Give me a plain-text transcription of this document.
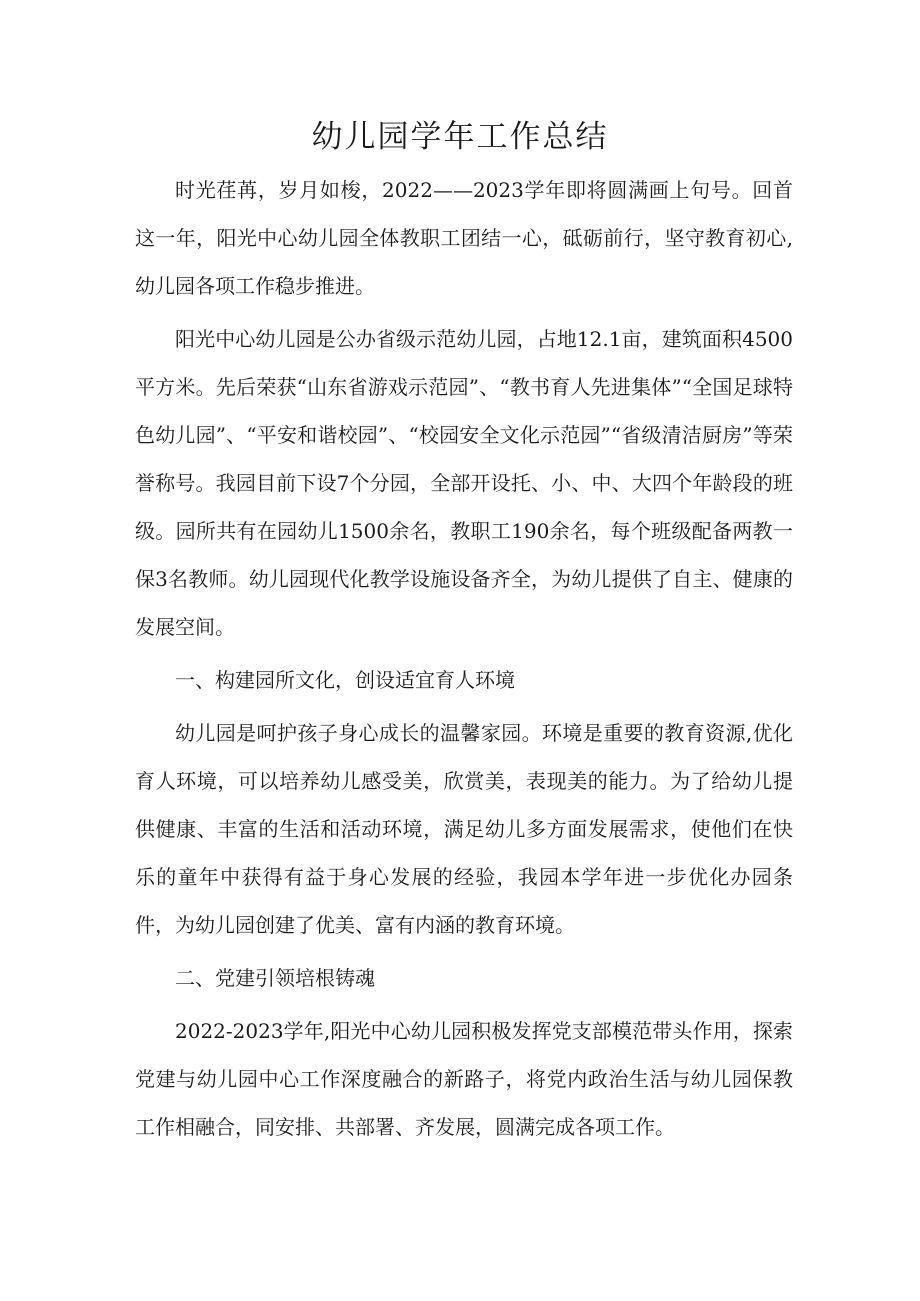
幼儿园学年工作总结

时光荏苒，岁月如梭，2022——2023学年即将圆满画上句号。回首这一年，阳光中心幼儿园全体教职工团结一心，砥砺前行，坚守教育初心,幼儿园各项工作稳步推进。

阳光中心幼儿园是公办省级示范幼儿园，占地12.1亩，建筑面积4500平方米。先后荣获“山东省游戏示范园”、“教书育人先进集体”“全国足球特色幼儿园”、“平安和谐校园”、“校园安全文化示范园”“省级清洁厨房”等荣誉称号。我园目前下设7个分园，全部开设托、小、中、大四个年龄段的班级。园所共有在园幼儿1500余名，教职工190余名，每个班级配备两教一保3名教师。幼儿园现代化教学设施设备齐全，为幼儿提供了自主、健康的发展空间。

一、构建园所文化，创设适宜育人环境

幼儿园是呵护孩子身心成长的温馨家园。环境是重要的教育资源,优化育人环境，可以培养幼儿感受美，欣赏美，表现美的能力。为了给幼儿提供健康、丰富的生活和活动环境，满足幼儿多方面发展需求，使他们在快乐的童年中获得有益于身心发展的经验，我园本学年进一步优化办园条件，为幼儿园创建了优美、富有内涵的教育环境。

二、党建引领培根铸魂

2022-2023学年,阳光中心幼儿园积极发挥党支部模范带头作用，探索党建与幼儿园中心工作深度融合的新路子，将党内政治生活与幼儿园保教工作相融合，同安排、共部署、齐发展，圆满完成各项工作。
